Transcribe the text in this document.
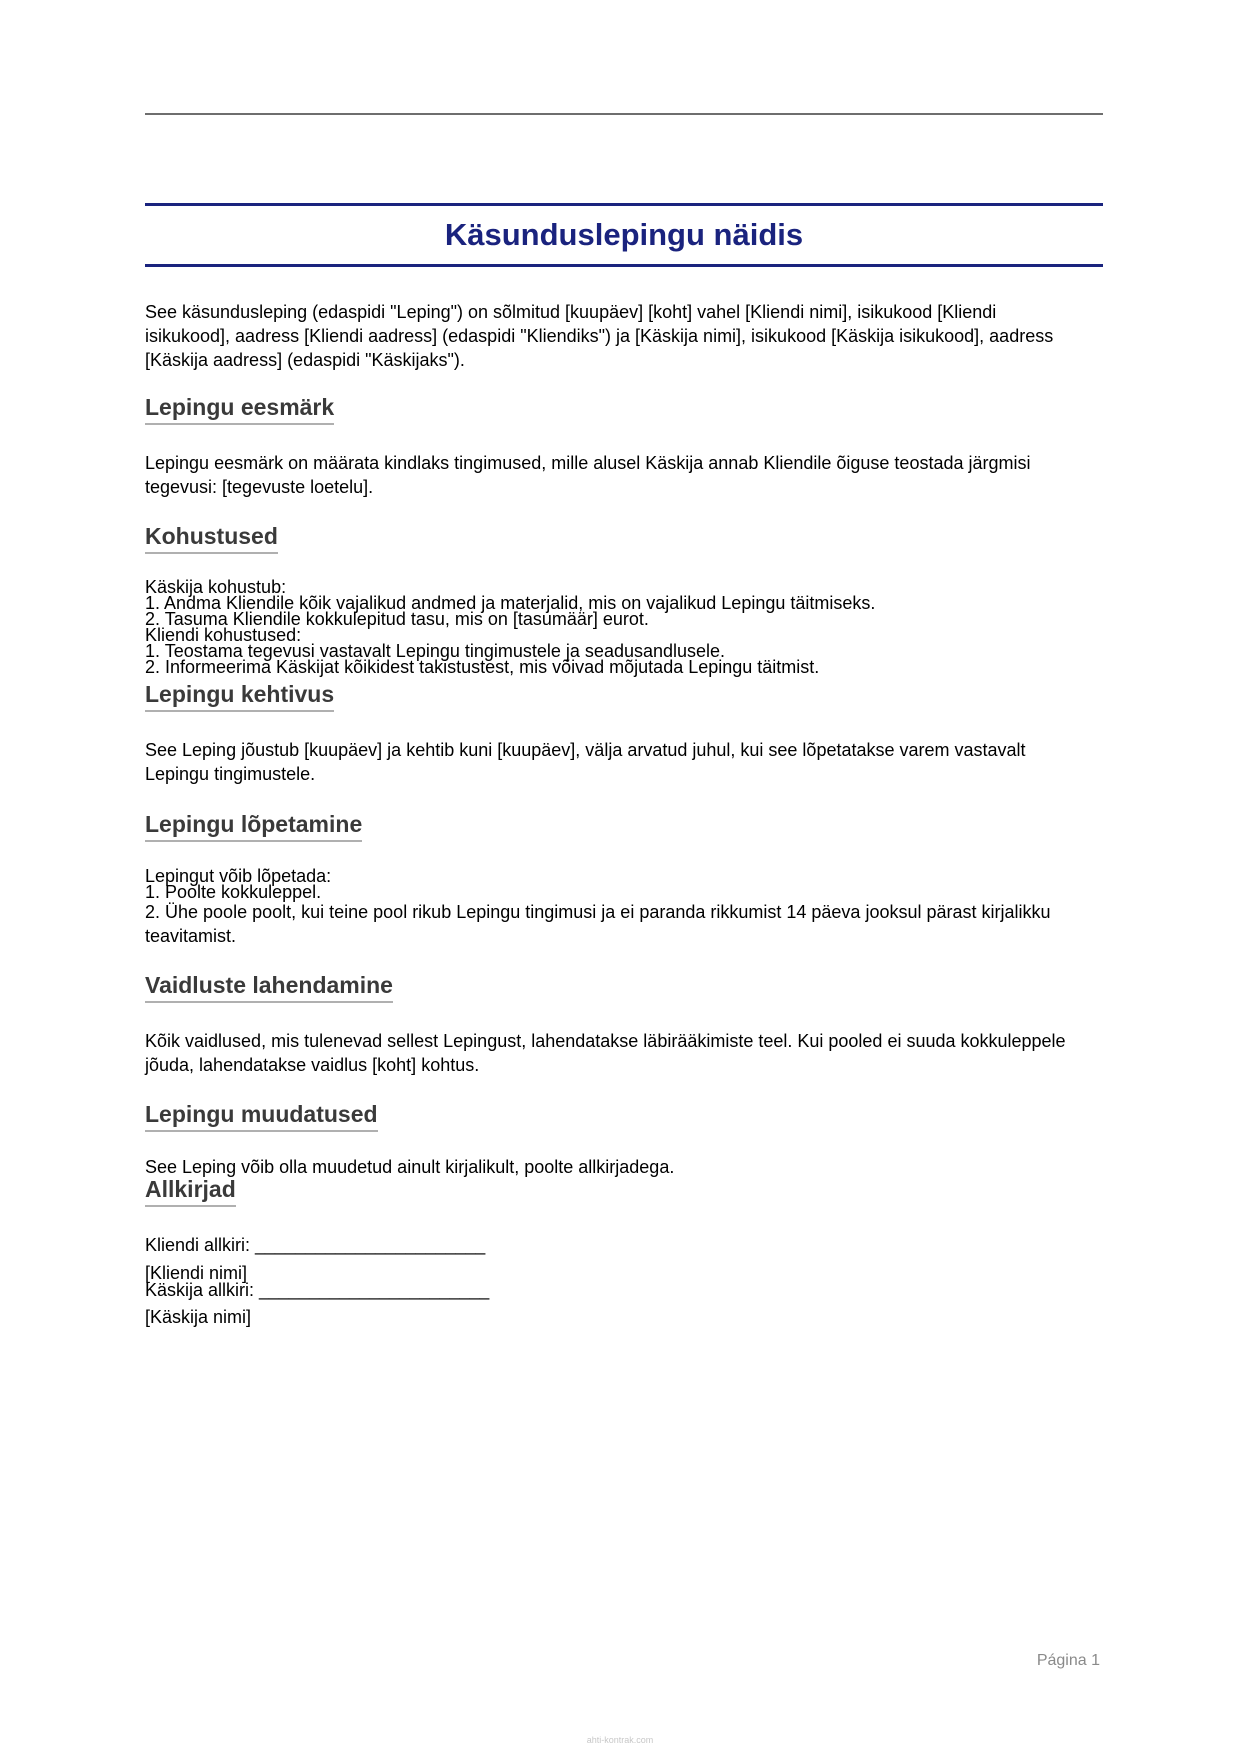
Käsunduslepingu näidis

See käsundusleping (edaspidi "Leping") on sõlmitud [kuupäev] [koht] vahel [Kliendi nimi], isikukood [Kliendi isikukood], aadress [Kliendi aadress] (edaspidi "Kliendiks") ja [Käskija nimi], isikukood [Käskija isikukood], aadress [Käskija aadress] (edaspidi "Käskijaks").

Lepingu eesmärk

Lepingu eesmärk on määrata kindlaks tingimused, mille alusel Käskija annab Kliendile õiguse teostada järgmisi tegevusi: [tegevuste loetelu].

Kohustused
Käskija kohustub:
1. Andma Kliendile kõik vajalikud andmed ja materjalid, mis on vajalikud Lepingu täitmiseks.
2. Tasuma Kliendile kokkulepitud tasu, mis on [tasumäär] eurot.
Kliendi kohustused:
1. Teostama tegevusi vastavalt Lepingu tingimustele ja seadusandlusele.
2. Informeerima Käskijat kõikidest takistustest, mis võivad mõjutada Lepingu täitmist.
Lepingu kehtivus

See Leping jõustub [kuupäev] ja kehtib kuni [kuupäev], välja arvatud juhul, kui see lõpetatakse varem vastavalt Lepingu tingimustele.

Lepingu lõpetamine
Lepingut võib lõpetada:
1. Poolte kokkuleppel.

2. Ühe poole poolt, kui teine pool rikub Lepingu tingimusi ja ei paranda rikkumist 14 päeva jooksul pärast kirjalikku teavitamist.

Vaidluste lahendamine

Kõik vaidlused, mis tulenevad sellest Lepingust, lahendatakse läbirääkimiste teel. Kui pooled ei suuda kokkuleppele jõuda, lahendatakse vaidlus [koht] kohtus.

Lepingu muudatused

See Leping võib olla muudetud ainult kirjalikult, poolte allkirjadega.

Allkirjad
Kliendi allkiri: _______________________
[Kliendi nimi]
Käskija allkiri: _______________________
[Käskija nimi]
Página 1
ahti-kontrak.com
